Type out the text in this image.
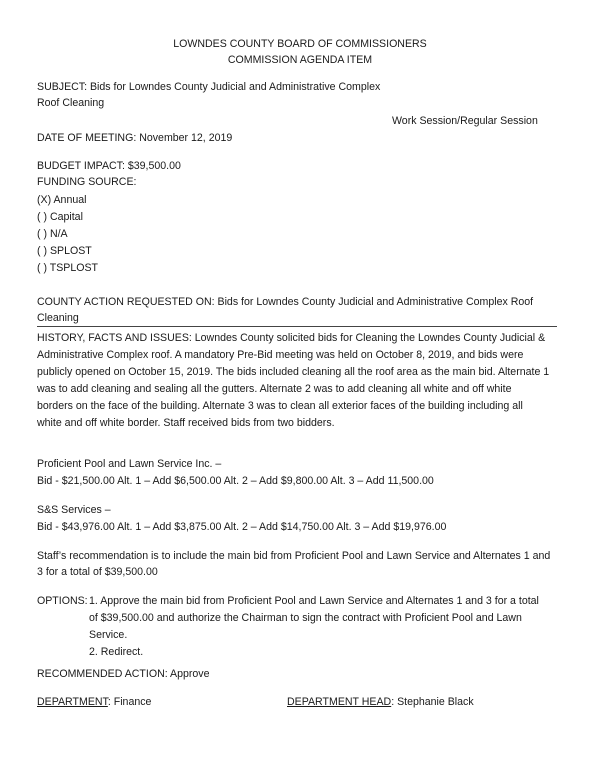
LOWNDES COUNTY BOARD OF COMMISSIONERS
COMMISSION AGENDA ITEM
SUBJECT: Bids for Lowndes County Judicial and Administrative Complex
Roof Cleaning
Work Session/Regular Session
DATE OF MEETING: November 12, 2019
BUDGET IMPACT: $39,500.00
FUNDING SOURCE:
(X) Annual
( ) Capital
( ) N/A
( ) SPLOST
( ) TSPLOST
COUNTY ACTION REQUESTED ON: Bids for Lowndes County Judicial and Administrative Complex Roof
Cleaning
HISTORY, FACTS AND ISSUES: Lowndes County solicited bids for Cleaning the Lowndes County Judicial &
Administrative Complex roof. A mandatory Pre-Bid meeting was held on October 8, 2019, and bids were
publicly opened on October 15, 2019. The bids included cleaning all the roof area as the main bid. Alternate 1
was to add cleaning and sealing all the gutters. Alternate 2 was to add cleaning all white and off white
borders on the face of the building. Alternate 3 was to clean all exterior faces of the building including all
white and off white border. Staff received bids from two bidders.
Proficient Pool and Lawn Service Inc. –
Bid - $21,500.00 Alt. 1 – Add $6,500.00 Alt. 2 – Add $9,800.00 Alt. 3 – Add 11,500.00
S&S Services –
Bid - $43,976.00 Alt. 1 – Add $3,875.00 Alt. 2 – Add $14,750.00 Alt. 3 – Add $19,976.00
Staff’s recommendation is to include the main bid from Proficient Pool and Lawn Service and Alternates 1 and
3 for a total of $39,500.00
OPTIONS: 1. Approve the main bid from Proficient Pool and Lawn Service and Alternates 1 and 3 for a total
of $39,500.00 and authorize the Chairman to sign the contract with Proficient Pool and Lawn
Service.
2. Redirect.
RECOMMENDED ACTION: Approve
DEPARTMENT: Finance	DEPARTMENT HEAD: Stephanie Black
